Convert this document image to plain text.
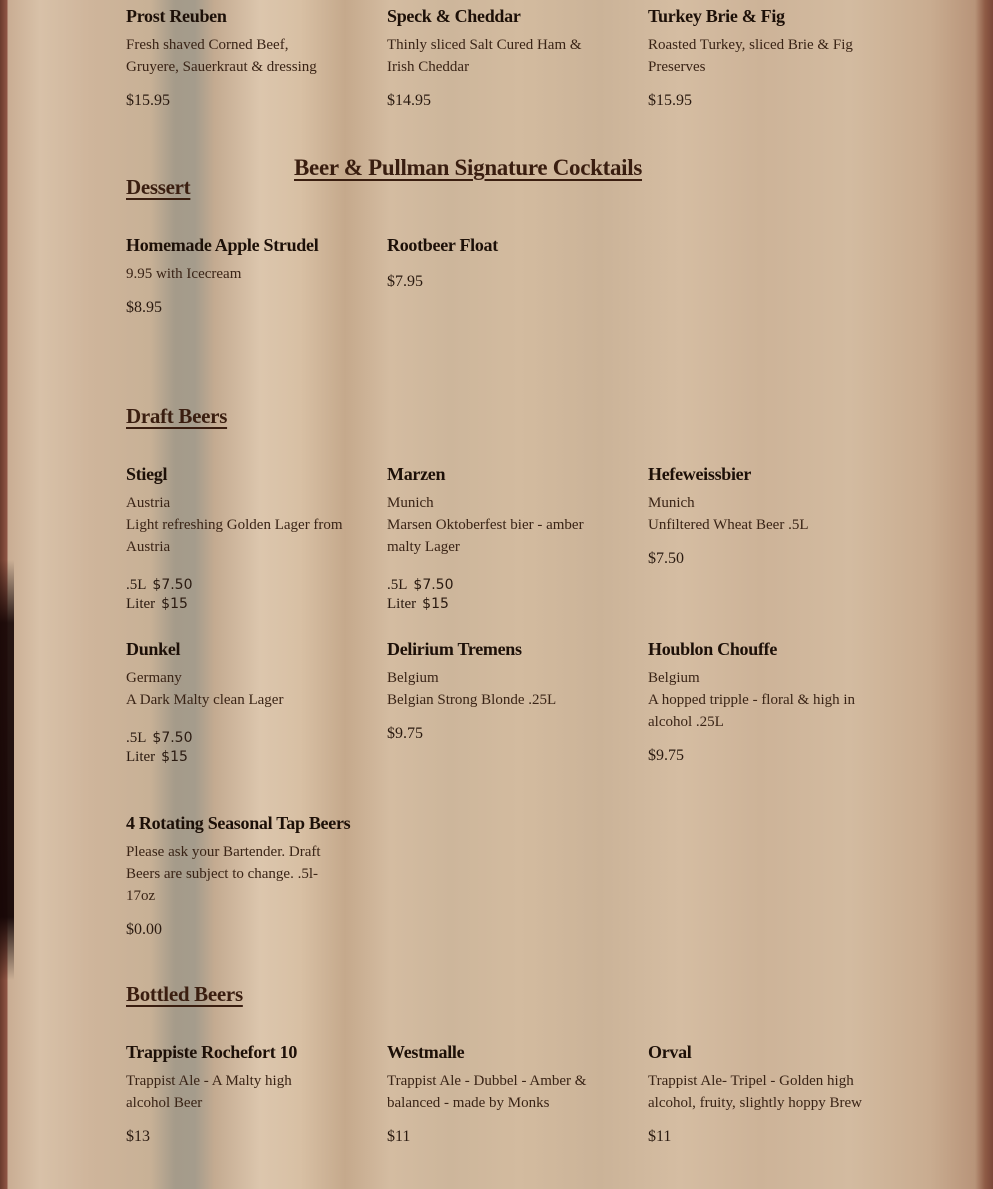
Prost Reuben
Fresh shaved Corned Beef, Gruyere, Sauerkraut & dressing
$15.95
Speck & Cheddar
Thinly sliced Salt Cured Ham & Irish Cheddar
$14.95
Turkey Brie & Fig
Roasted Turkey, sliced Brie & Fig Preserves
$15.95
Beer & Pullman Signature Cocktails
Dessert
Homemade Apple Strudel
9.95 with Icecream
$8.95
Rootbeer Float
$7.95
Draft Beers
Stiegl
Austria
Light refreshing Golden Lager from Austria
.5L $7.50
Liter $15
Marzen
Munich
Marsen Oktoberfest bier - amber malty Lager
.5L $7.50
Liter $15
Hefeweissbier
Munich
Unfiltered Wheat Beer .5L
$7.50
Dunkel
Germany
A Dark Malty clean Lager
.5L $7.50
Liter $15
Delirium Tremens
Belgium
Belgian Strong Blonde .25L
$9.75
Houblon Chouffe
Belgium
A hopped tripple - floral & high in alcohol .25L
$9.75
4 Rotating Seasonal Tap Beers
Please ask your Bartender. Draft Beers are subject to change. .5l- 17oz
$0.00
Bottled Beers
Trappiste Rochefort 10
Trappist Ale - A Malty high alcohol Beer
$13
Westmalle
Trappist Ale - Dubbel - Amber & balanced - made by Monks
$11
Orval
Trappist Ale- Tripel - Golden high alcohol, fruity, slightly hoppy Brew
$11
